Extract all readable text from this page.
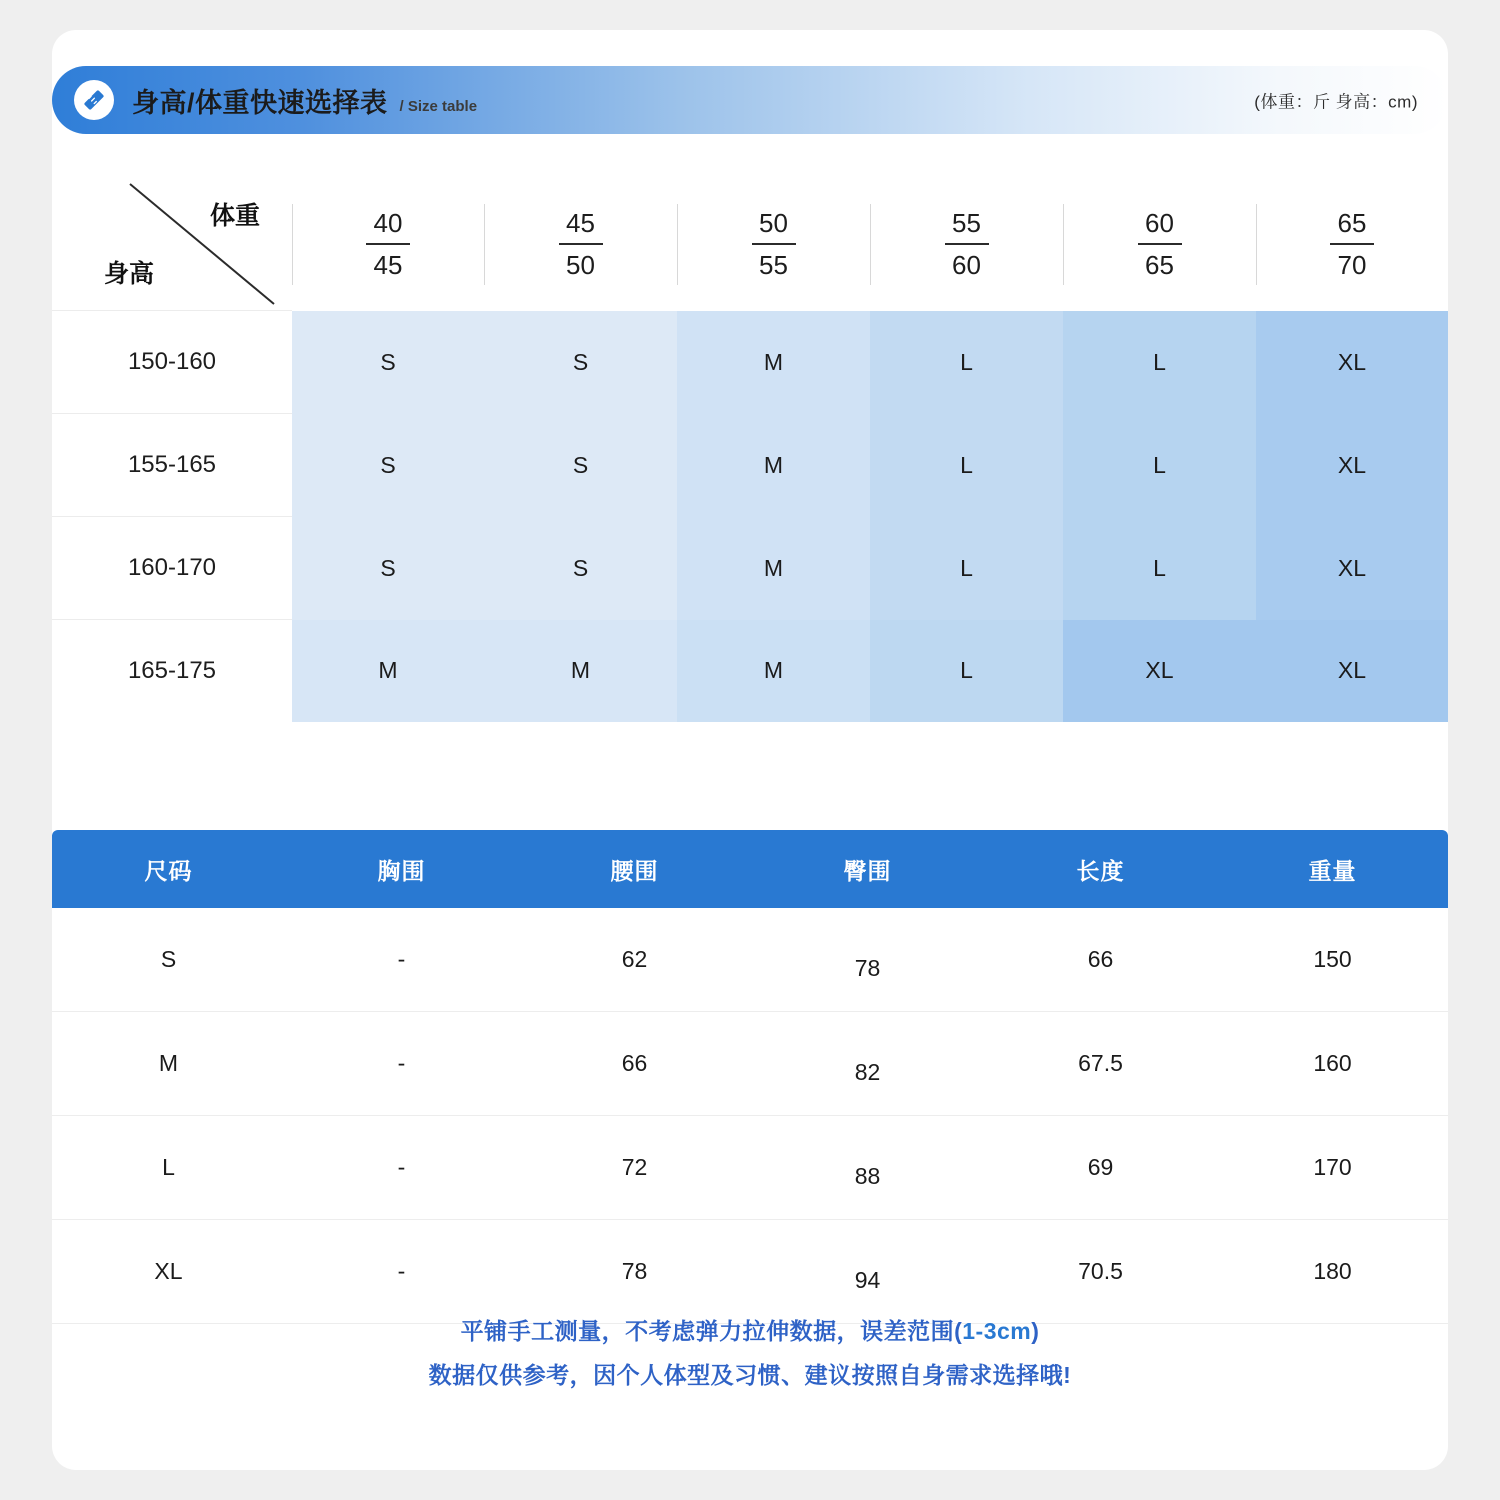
身高/体重快速选择表 / Size table	(体重：斤 身高：cm)
体重
身高	$\frac{40}{45}$	$\frac{45}{50}$	$\frac{50}{55}$	$\frac{55}{60}$	$\frac{60}{65}$	$\frac{65}{70}$

150-160	S	S	M	L	L	XL
155-165	S	S	M	L	L	XL
160-170	S	S	M	L	L	XL
165-175	M	M	M	L	XL	XL
尺码	胸围	腰围	臀围	长度	重量
S	-	62	78	66	150
M	-	66	82	67.5	160
L	-	72	88	69	170
XL	-	78	94	70.5	180
平铺手工测量，不考虑弹力拉伸数据，误差范围(1-3cm)
数据仅供参考，因个人体型及习惯、建议按照自身需求选择哦!
